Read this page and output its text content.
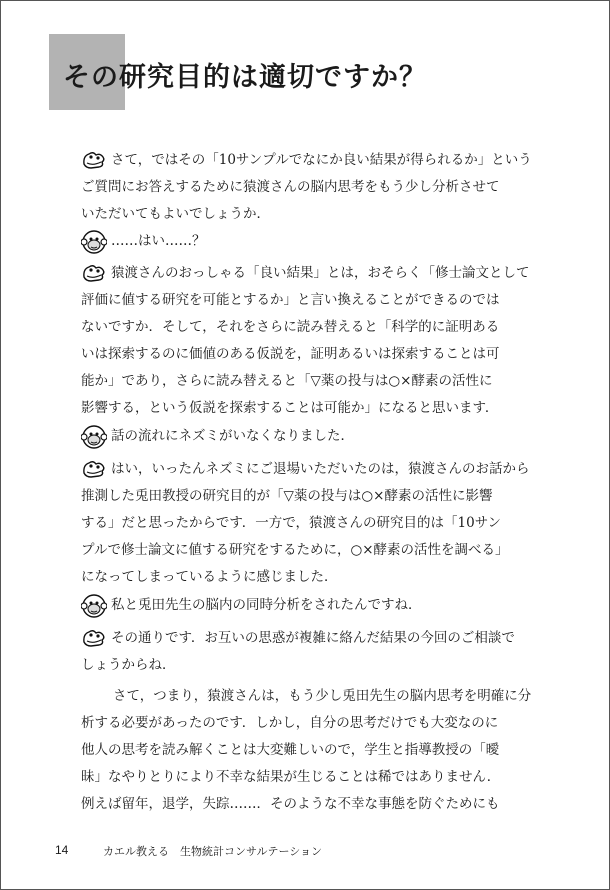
その研究目的は適切ですか？
さて，ではその「10サンプルでなにか良い結果が得られるか」という
ご質問にお答えするために猿渡さんの脳内思考をもう少し分析させて
いただいてもよいでしょうか．
……はい……？
猿渡さんのおっしゃる「良い結果」とは，おそらく「修士論文として
評価に値する研究を可能とするか」と言い換えることができるのでは
ないですか．そして，それをさらに読み替えると「科学的に証明ある
いは探索するのに価値のある仮説を，証明あるいは探索することは可
能か」であり，さらに読み替えると「▽薬の投与は○×酵素の活性に
影響する，という仮説を探索することは可能か」になると思います．
話の流れにネズミがいなくなりました．
はい，いったんネズミにご退場いただいたのは，猿渡さんのお話から
推測した兎田教授の研究目的が「▽薬の投与は○×酵素の活性に影響
する」だと思ったからです．一方で，猿渡さんの研究目的は「10サン
プルで修士論文に値する研究をするために，○×酵素の活性を調べる」
になってしまっているように感じました．
私と兎田先生の脳内の同時分析をされたんですね．
その通りです．お互いの思惑が複雑に絡んだ結果の今回のご相談で
しょうからね．
さて，つまり，猿渡さんは，もう少し兎田先生の脳内思考を明確に分
析する必要があったのです．しかし，自分の思考だけでも大変なのに
他人の思考を読み解くことは大変難しいので，学生と指導教授の「曖
昧」なやりとりにより不幸な結果が生じることは稀ではありません．
例えば留年，退学，失踪……．そのような不幸な事態を防ぐためにも
14	カエル教える　生物統計コンサルテーション
